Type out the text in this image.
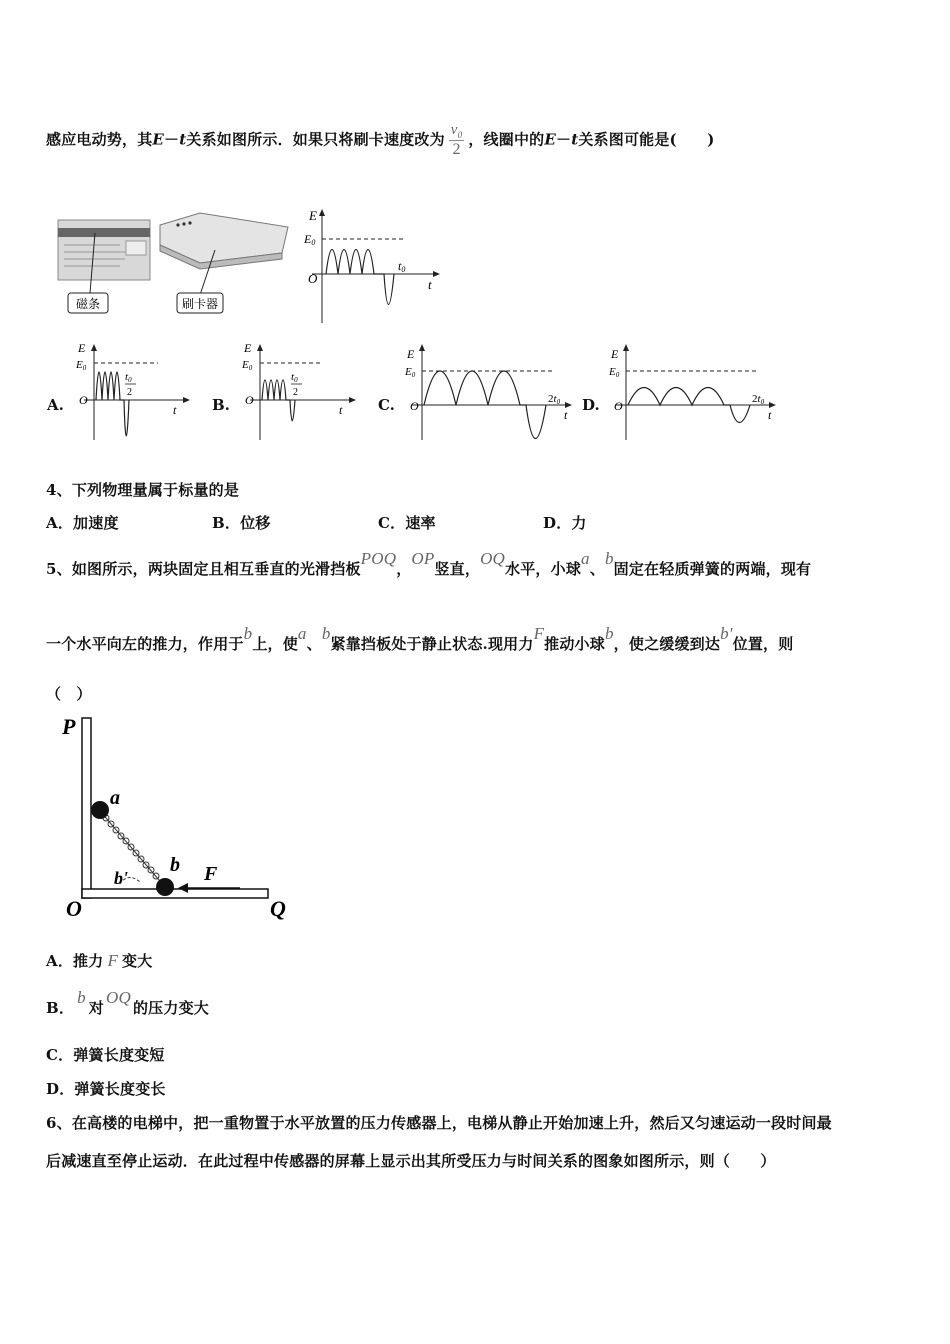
感应电动势，其E－t关系如图所示．如果只将刷卡速度改为 $\frac{v_0}{2}$ ，线圈中的E－t关系图可能是(　　)
磁条	刷卡器
E
E0
O
t0
t
A.
E
E0
O
t0
2
t B.
E
E0
O
t0
2
t C.
E
E0
O	2t0
t
D.
E
E0
O	2t0
t
4、下列物理量属于标量的是
A．加速度	B．位移	C．速率	D．力
5、如图所示，两块固定且相互垂直的光滑挡板POQ，OP竖直，OQ水平，小球a、b固定在轻质弹簧的两端，现有
一个水平向左的推力，作用于b上，使a、b紧靠挡板处于静止状态.现用力F推动小球b，使之缓缓到达b'位置，则
（　）
P
O	Q
a
b
b'	F
A．推力 F 变大
B．b对OQ的压力变大
C．弹簧长度变短
D．弹簧长度变长
6、在高楼的电梯中，把一重物置于水平放置的压力传感器上，电梯从静止开始加速上升，然后又匀速运动一段时间最
后减速直至停止运动．在此过程中传感器的屏幕上显示出其所受压力与时间关系的图象如图所示，则（　　）
